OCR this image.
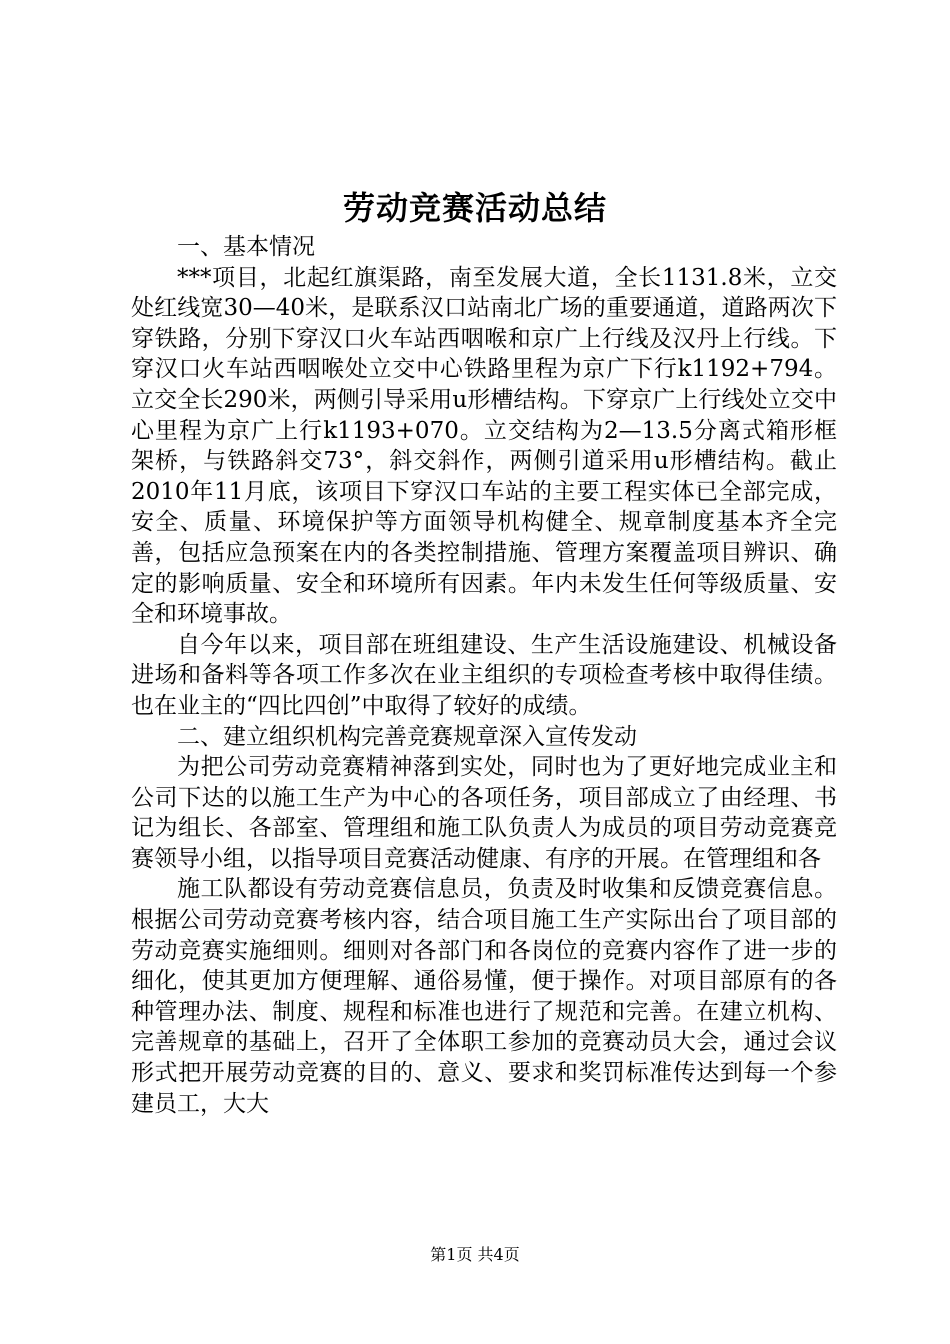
劳动竞赛活动总结

一、基本情况

***项目，北起红旗渠路，南至发展大道，全长1131.8米，立交处红线宽30—40米，是联系汉口站南北广场的重要通道，道路两次下穿铁路，分别下穿汉口火车站西咽喉和京广上行线及汉丹上行线。下穿汉口火车站西咽喉处立交中心铁路里程为京广下行k1192+794。立交全长290米，两侧引导采用u形槽结构。下穿京广上行线处立交中心里程为京广上行k1193+070。立交结构为2—13.5分离式箱形框架桥，与铁路斜交73°，斜交斜作，两侧引道采用u形槽结构。截止2010年11月底，该项目下穿汉口车站的主要工程实体已全部完成，安全、质量、环境保护等方面领导机构健全、规章制度基本齐全完善，包括应急预案在内的各类控制措施、管理方案覆盖项目辨识、确定的影响质量、安全和环境所有因素。年内未发生任何等级质量、安全和环境事故。

自今年以来，项目部在班组建设、生产生活设施建设、机械设备进场和备料等各项工作多次在业主组织的专项检查考核中取得佳绩。也在业主的“四比四创”中取得了较好的成绩。

二、建立组织机构完善竞赛规章深入宣传发动

为把公司劳动竞赛精神落到实处，同时也为了更好地完成业主和公司下达的以施工生产为中心的各项任务，项目部成立了由经理、书记为组长、各部室、管理组和施工队负责人为成员的项目劳动竞赛竞赛领导小组，以指导项目竞赛活动健康、有序的开展。在管理组和各

施工队都设有劳动竞赛信息员，负责及时收集和反馈竞赛信息。根据公司劳动竞赛考核内容，结合项目施工生产实际出台了项目部的劳动竞赛实施细则。细则对各部门和各岗位的竞赛内容作了进一步的细化，使其更加方便理解、通俗易懂，便于操作。对项目部原有的各种管理办法、制度、规程和标准也进行了规范和完善。在建立机构、完善规章的基础上，召开了全体职工参加的竞赛动员大会，通过会议形式把开展劳动竞赛的目的、意义、要求和奖罚标准传达到每一个参建员工，大大

第1页 共4页
